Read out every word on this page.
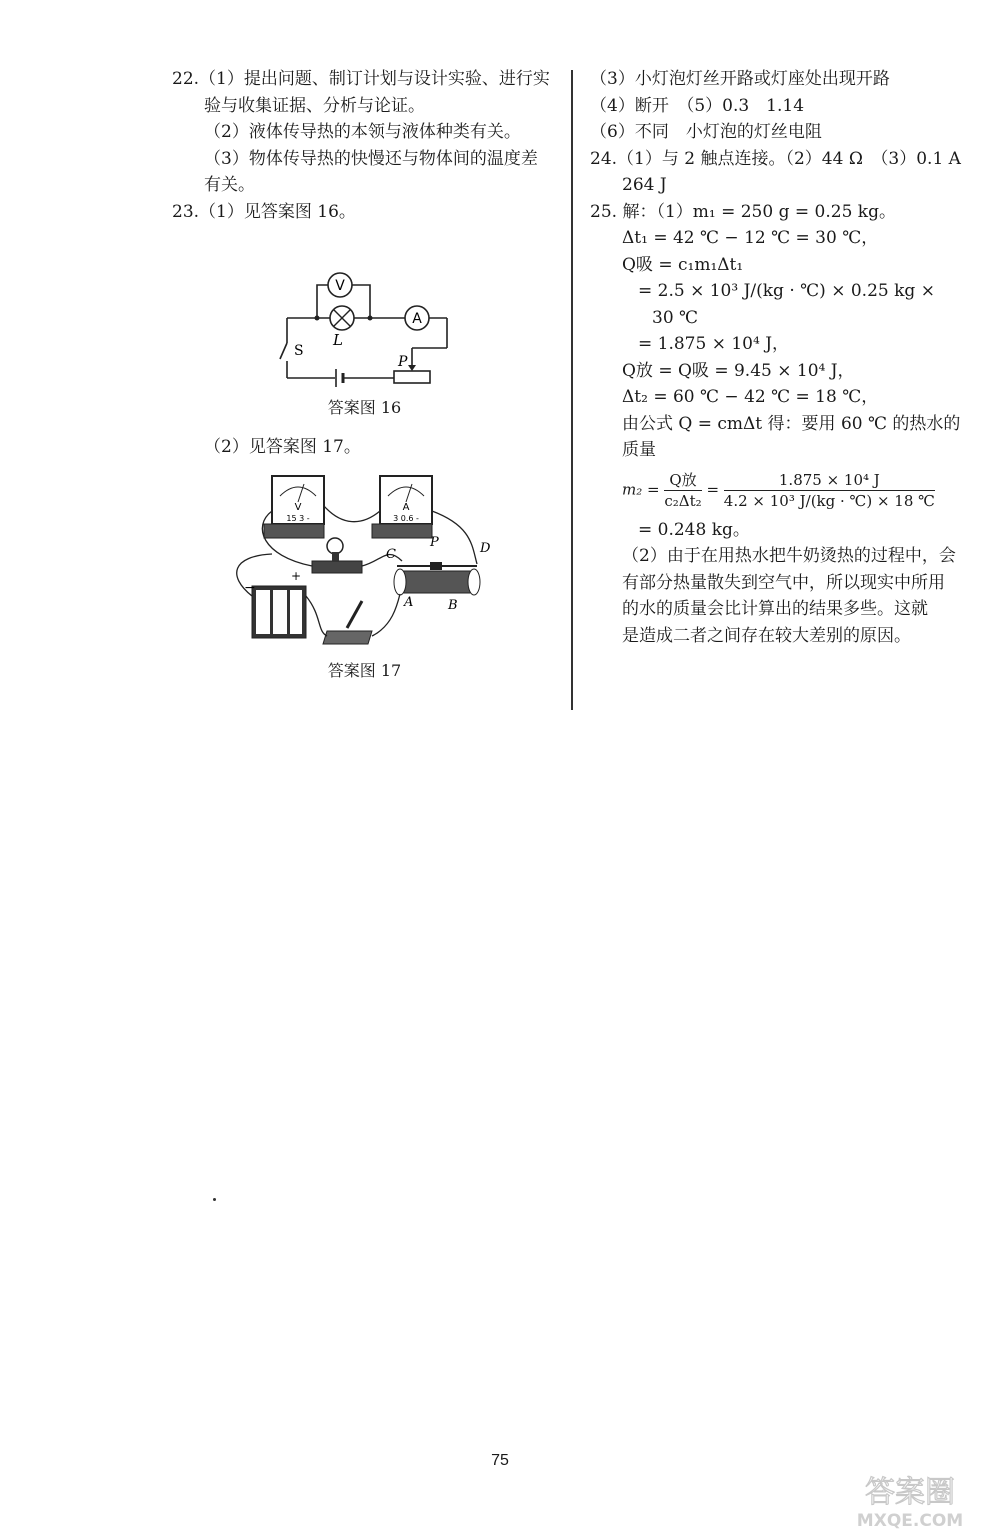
22.（1）提出问题、制订计划与设计实验、进行实

验与收集证据、分析与论证。

（2）液体传导热的本领与液体种类有关。

（3）物体传导热的快慢还与物体间的温度差

有关。

23.（1）见答案图 16。

V
A
L
S
P
答案图 16

（2）见答案图 17。

V
15 3 -
A
3 0.6 -
+
−
C
P	D
A	B
答案图 17

（3）小灯泡灯丝开路或灯座处出现开路

（4）断开　（5）0.3　1.14

（6）不同　小灯泡的灯丝电阻

24.（1）与 2 触点连接。（2）44 Ω　（3）0.1 A

264 J

25. 解：（1）m₁ = 250 g = 0.25 kg。

Δt₁ = 42 ℃ − 12 ℃ = 30 ℃，

Q吸 = c₁m₁Δt₁

= 2.5 × 10³ J/(kg · ℃) × 0.25 kg ×

30 ℃

= 1.875 × 10⁴ J，

Q放 = Q吸 = 9.45 × 10⁴ J，

Δt₂ = 60 ℃ − 42 ℃ = 18 ℃，

由公式 Q = cmΔt 得：要用 60 ℃ 的热水的

质量

$m_2 = \frac{\text{Q放}}{\text{c₂Δt₂}} = \frac{\text{1.875 × 10⁴ J}}{\text{4.2 × 10³ J/(kg · ℃) × 18 ℃}}$

= 0.248 kg。

（2）由于在用热水把牛奶烫热的过程中，会

有部分热量散失到空气中，所以现实中所用

的水的质量会比计算出的结果多些。这就

是造成二者之间存在较大差别的原因。

75
答案圈
MXQE.COM
